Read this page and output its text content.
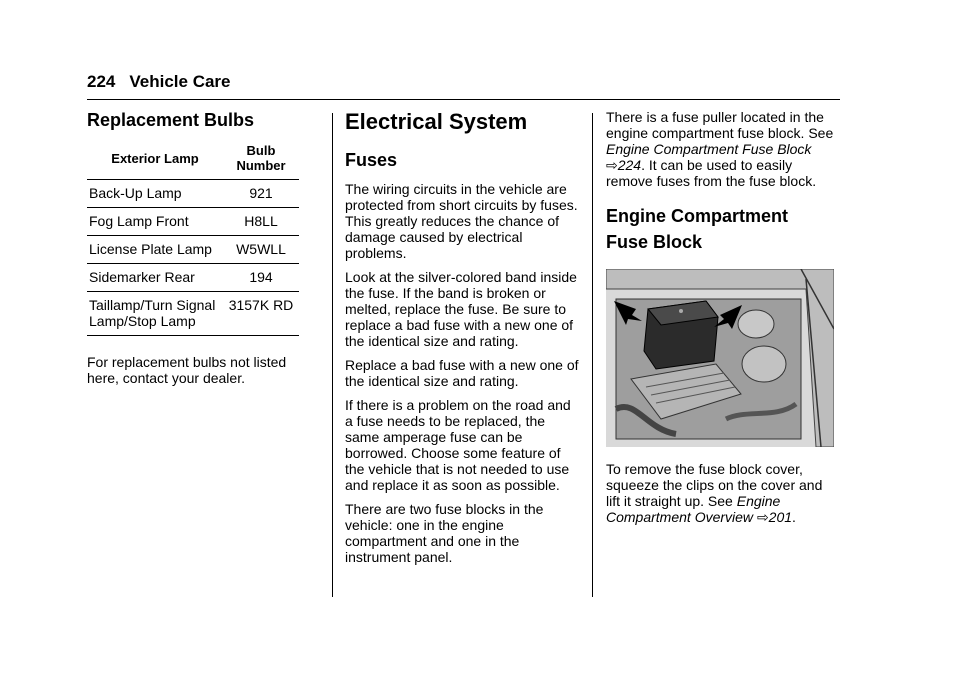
224 Vehicle Care
Replacement Bulbs
Exterior Lamp	Bulb
Number
Back-Up Lamp	921
Fog Lamp Front	H8LL
License Plate Lamp	W5WLL
Sidemarker Rear	194
Taillamp/Turn Signal
Lamp/Stop Lamp	3157K RD

For replacement bulbs not listed here, contact your dealer.

Electrical System
Fuses

The wiring circuits in the vehicle are protected from short circuits by fuses. This greatly reduces the chance of damage caused by electrical problems.

Look at the silver-colored band inside the fuse. If the band is broken or melted, replace the fuse. Be sure to replace a bad fuse with a new one of the identical size and rating.

Replace a bad fuse with a new one of the identical size and rating.

If there is a problem on the road and a fuse needs to be replaced, the same amperage fuse can be borrowed. Choose some feature of the vehicle that is not needed to use and replace it as soon as possible.

There are two fuse blocks in the vehicle: one in the engine compartment and one in the instrument panel.

There is a fuse puller located in the engine compartment fuse block. See Engine Compartment Fuse Block ⇨224. It can be used to easily remove fuses from the fuse block.

Engine Compartment
Fuse Block

To remove the fuse block cover, squeeze the clips on the cover and lift it straight up. See Engine Compartment Overview ⇨201.
